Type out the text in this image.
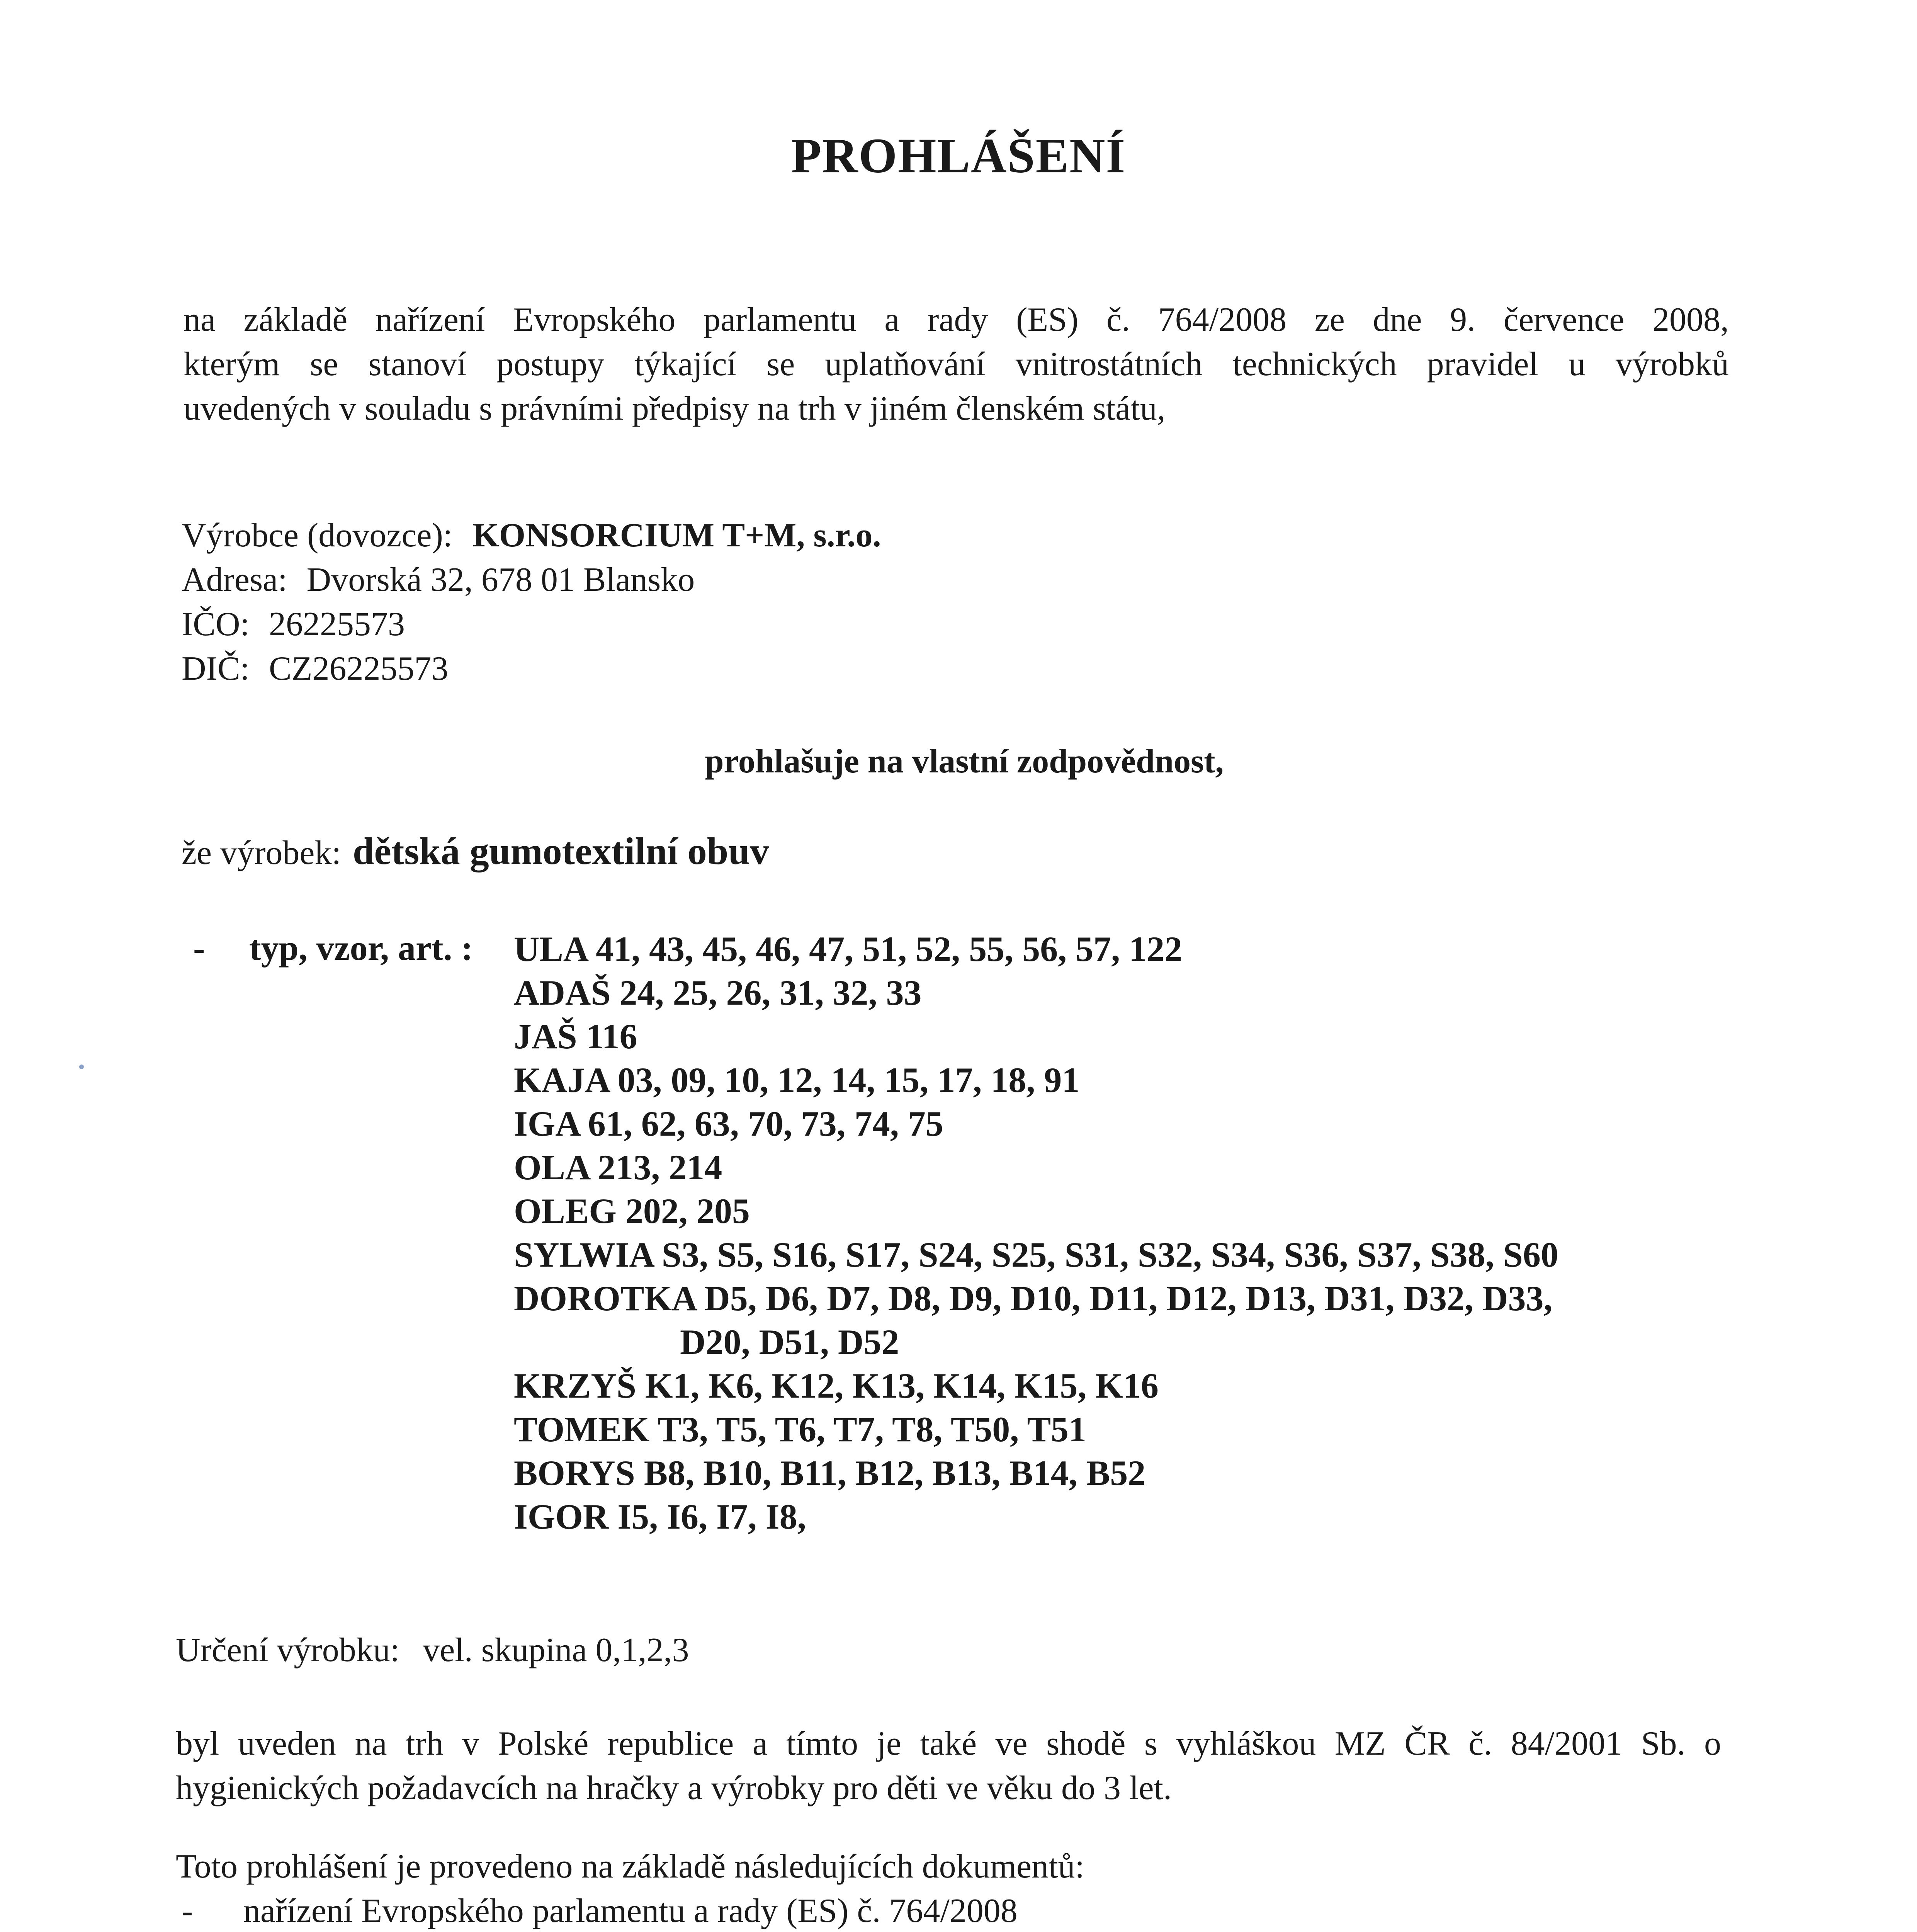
PROHLÁŠENÍ
na základě nařízení Evropského parlamentu a rady (ES) č. 764/2008 ze dne 9. července 2008,
kterým se stanoví postupy týkající se uplatňování vnitrostátních technických pravidel u výrobků
uvedených v souladu s právními předpisy na trh v jiném členském státu,
Výrobce (dovozce): KONSORCIUM T+M, s.r.o.
Adresa: Dvorská 32, 678 01 Blansko
IČO: 26225573
DIČ: CZ26225573
prohlašuje na vlastní zodpovědnost,
že výrobek: dětská gumotextilní obuv
- typ, vzor, art. : ULA 41, 43, 45, 46, 47, 51, 52, 55, 56, 57, 122
ADAŠ 24, 25, 26, 31, 32, 33
JAŠ 116
KAJA 03, 09, 10, 12, 14, 15, 17, 18, 91
IGA 61, 62, 63, 70, 73, 74, 75
OLA 213, 214
OLEG 202, 205
SYLWIA S3, S5, S16, S17, S24, S25, S31, S32, S34, S36, S37, S38, S60
DOROTKA D5, D6, D7, D8, D9, D10, D11, D12, D13, D31, D32, D33,
D20, D51, D52
KRZYŠ K1, K6, K12, K13, K14, K15, K16
TOMEK T3, T5, T6, T7, T8, T50, T51
BORYS B8, B10, B11, B12, B13, B14, B52
IGOR I5, I6, I7, I8,
Určení výrobku: vel. skupina 0,1,2,3
byl uveden na trh v Polské republice a tímto je také ve shodě s vyhláškou MZ ČR č. 84/2001 Sb. o
hygienických požadavcích na hračky a výrobky pro děti ve věku do 3 let.
Toto prohlášení je provedeno na základě následujících dokumentů:
- nařízení Evropského parlamentu a rady (ES) č. 764/2008
